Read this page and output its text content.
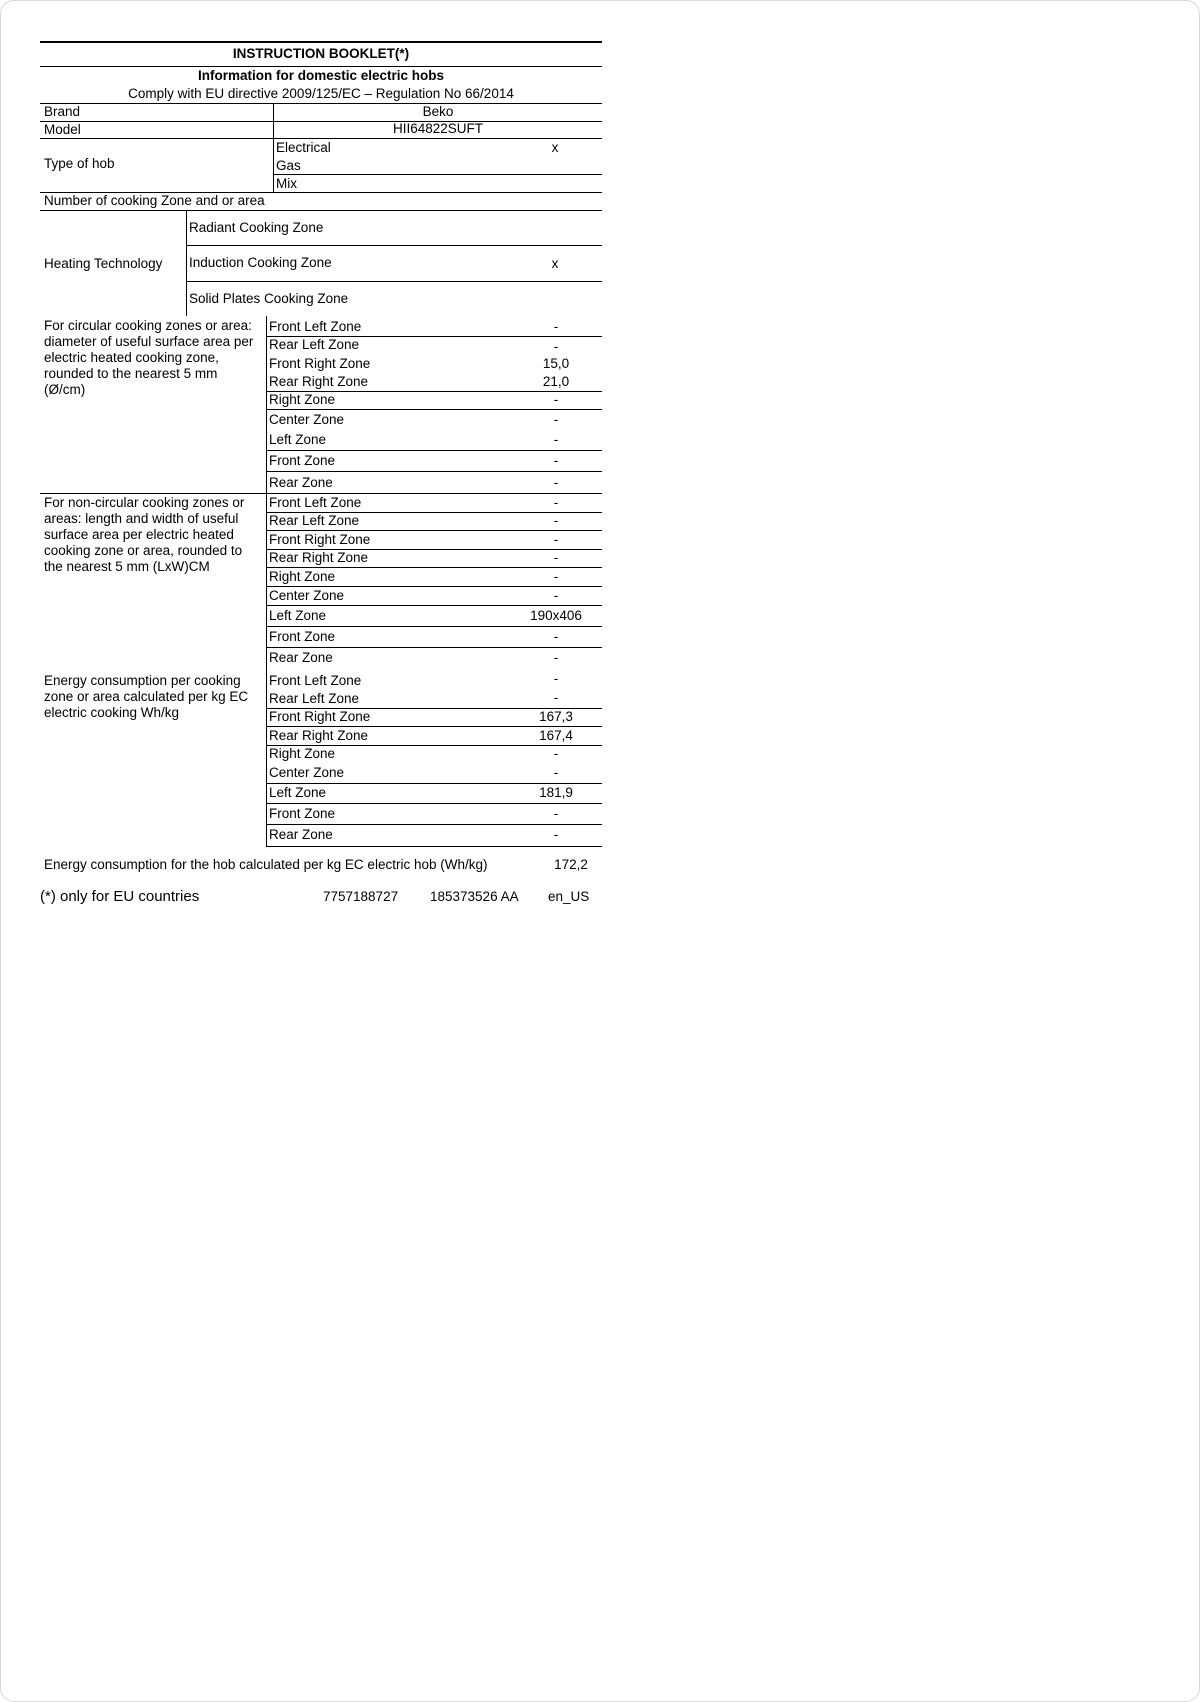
INSTRUCTION BOOKLET(*)
Information for domestic electric hobs
Comply with EU directive 2009/125/EC – Regulation No 66/2014
Brand	Beko
Model	HII64822SUFT
Type of hob
Electrical	x
Gas
Mix
Number of cooking Zone and or area
Heating Technology
Radiant Cooking Zone
Induction Cooking Zone	x
Solid Plates Cooking Zone
For circular cooking zones or area: diameter of useful surface area per electric heated cooking zone, rounded to the nearest 5 mm (Ø/cm)
Front Left Zone	-
Rear Left Zone	-
Front Right Zone	15,0
Rear Right Zone	21,0
Right Zone	-
Center Zone	-
Left Zone	-
Front Zone	-
Rear Zone	-
For non-circular cooking zones or areas: length and width of useful surface area per electric heated cooking zone or area, rounded to the nearest 5 mm (LxW)CM
Front Left Zone	-
Rear Left Zone	-
Front Right Zone	-
Rear Right Zone	-
Right Zone	-
Center Zone	-
Left Zone	190x406
Front Zone	-
Rear Zone	-
Energy consumption per cooking zone or area calculated per kg EC electric cooking Wh/kg
Front Left Zone	-
Rear Left Zone	-
Front Right Zone	167,3
Rear Right Zone	167,4
Right Zone	-
Center Zone	-
Left Zone	181,9
Front Zone	-
Rear Zone	-
Energy consumption for the hob calculated per kg EC electric hob (Wh/kg)	172,2
(*) only for EU countries	7757188727 185373526 AA en_US
